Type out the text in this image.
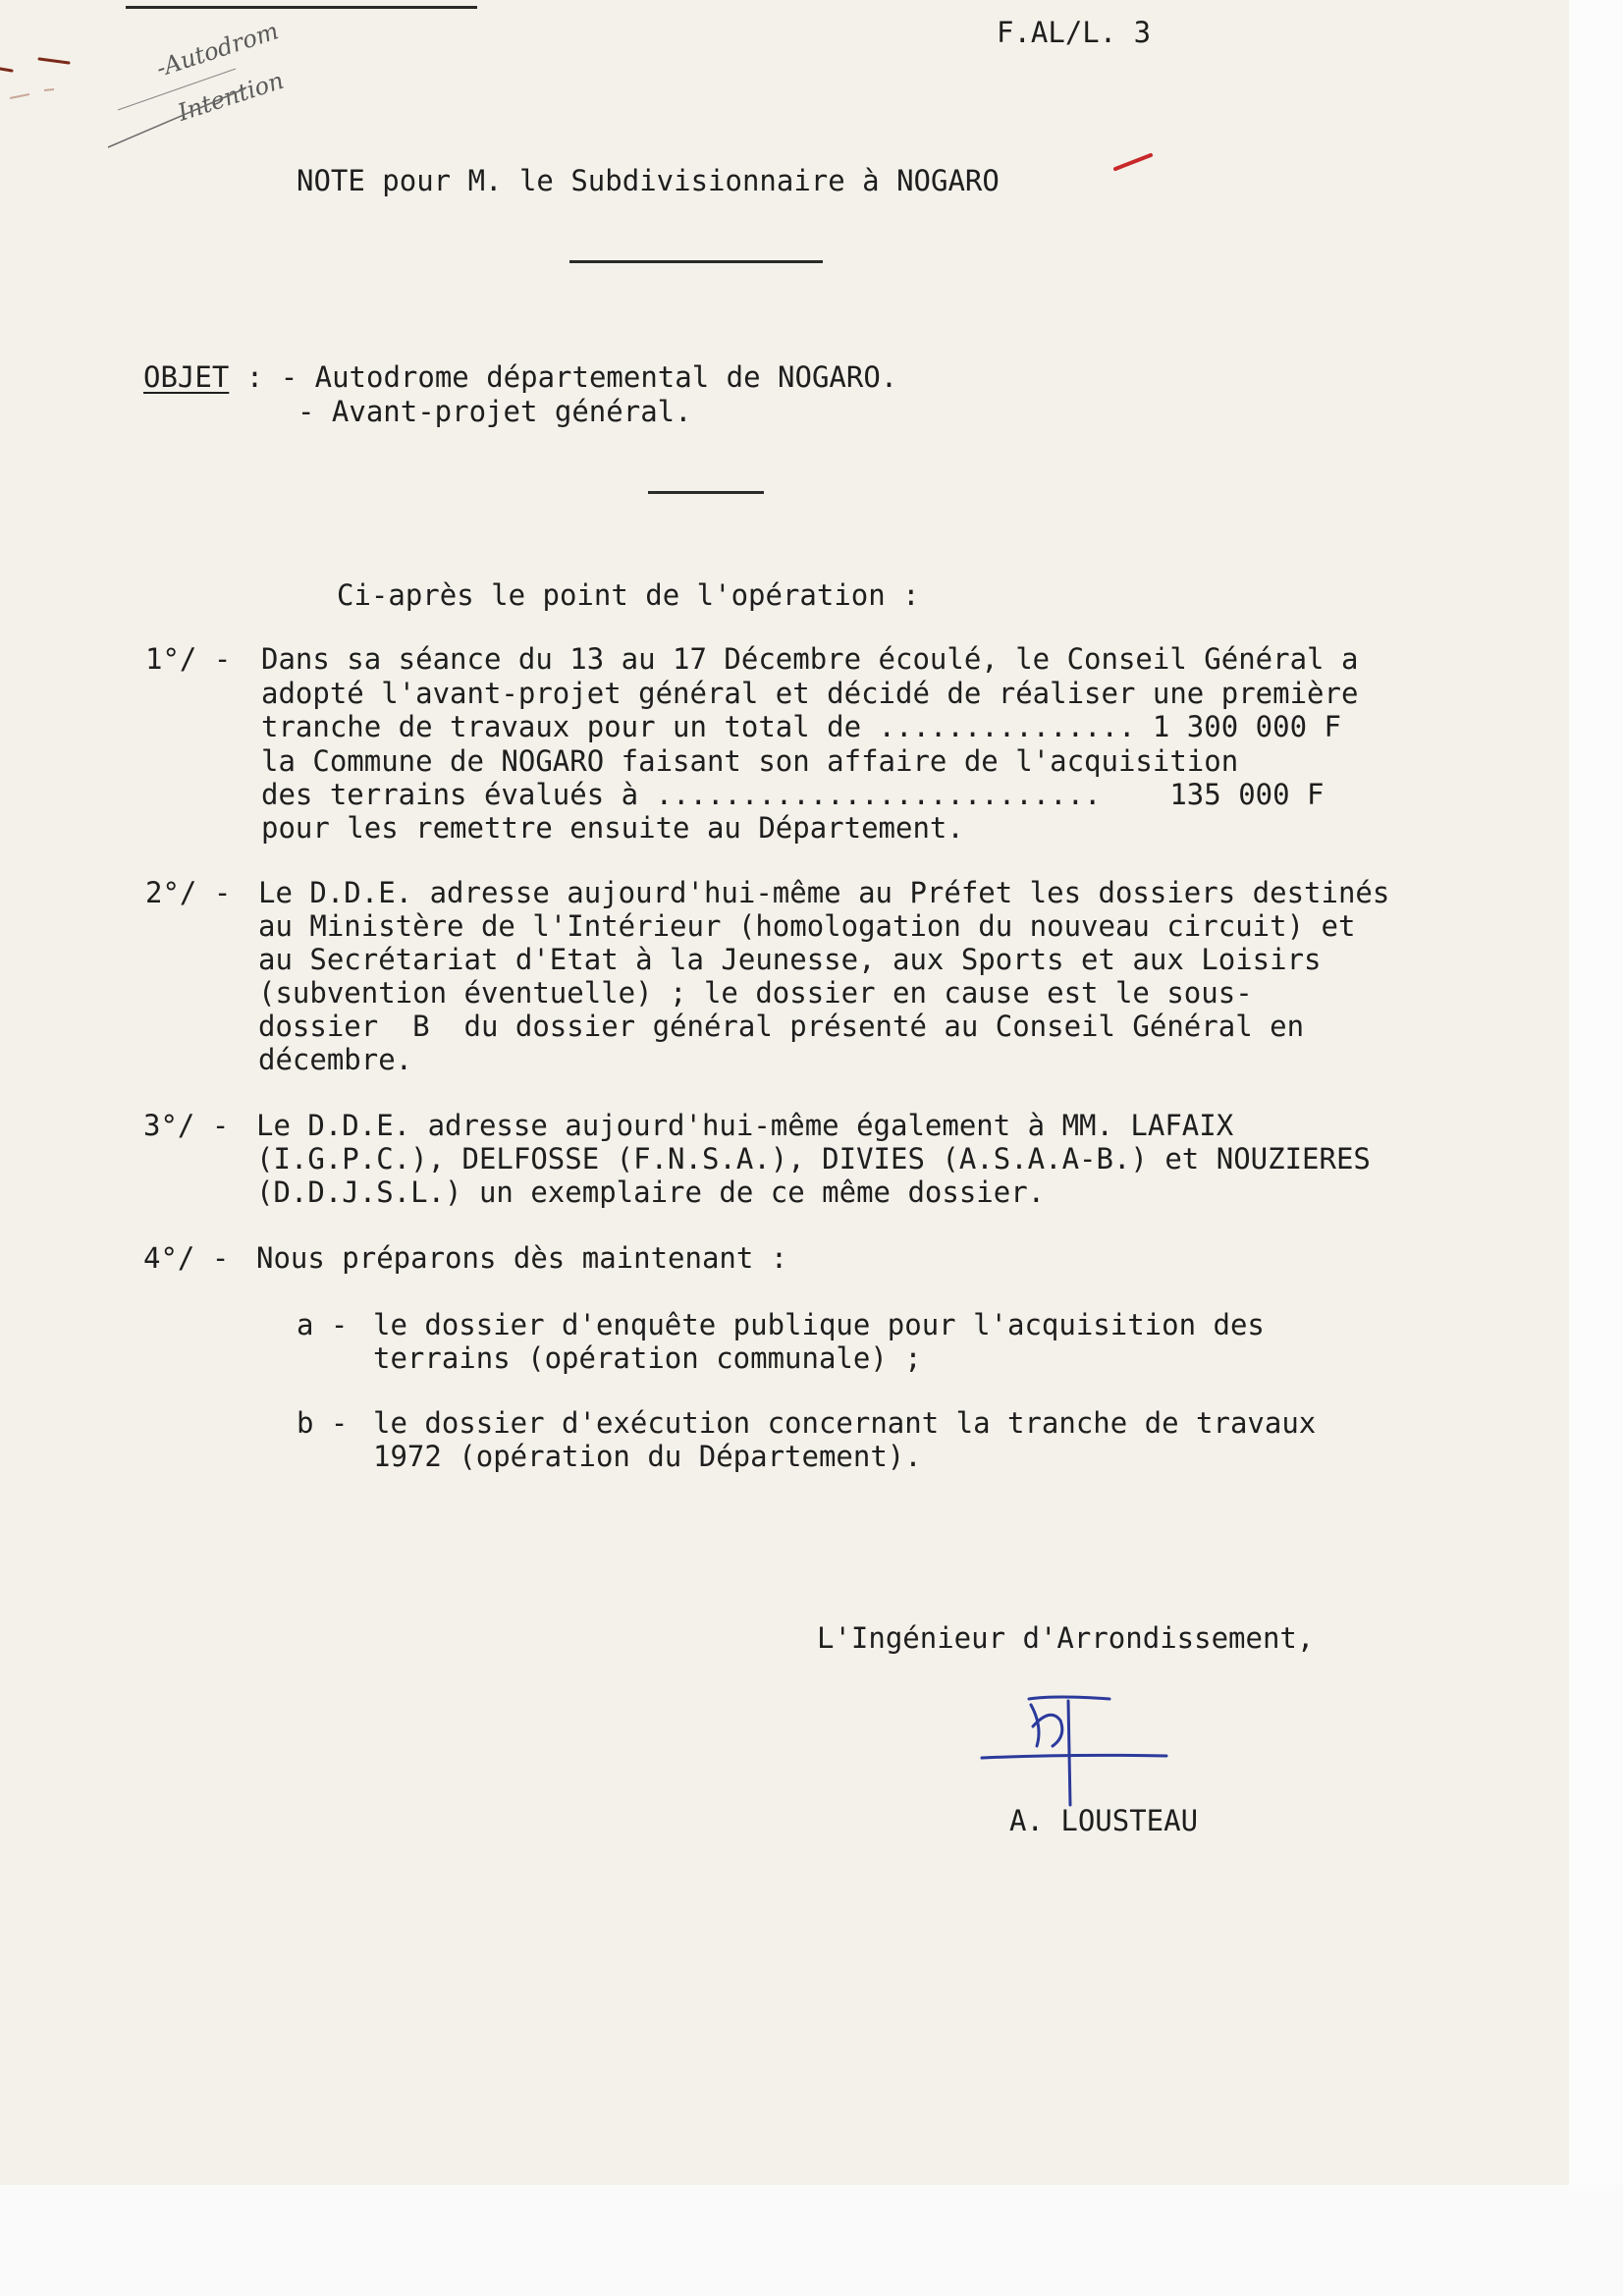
F.AL/L. 3

-Autodrom

Intention

NOTE pour M. le Subdivisionnaire à NOGARO
OBJET : - Autodrome départemental de NOGARO.
- Avant-projet général.
Ci-après le point de l'opération :
1°/ - Dans sa séance du 13 au 17 Décembre écoulé, le Conseil Général a
adopté l'avant-projet général et décidé de réaliser une première
tranche de travaux pour un total de ............... 1 300 000 F
la Commune de NOGARO faisant son affaire de l'acquisition
des terrains évalués à ..........................    135 000 F
pour les remettre ensuite au Département.
2°/ - Le D.D.E. adresse aujourd'hui-même au Préfet les dossiers destinés
au Ministère de l'Intérieur (homologation du nouveau circuit) et
au Secrétariat d'Etat à la Jeunesse, aux Sports et aux Loisirs
(subvention éventuelle) ; le dossier en cause est le sous-
dossier  B  du dossier général présenté au Conseil Général en
décembre.
3°/ - Le D.D.E. adresse aujourd'hui-même également à MM. LAFAIX
(I.G.P.C.), DELFOSSE (F.N.S.A.), DIVIES (A.S.A.A-B.) et NOUZIERES
(D.D.J.S.L.) un exemplaire de ce même dossier.
4°/ - Nous préparons dès maintenant :
a - le dossier d'enquête publique pour l'acquisition des
terrains (opération communale) ;
b - le dossier d'exécution concernant la tranche de travaux
1972 (opération du Département).
L'Ingénieur d'Arrondissement,
A. LOUSTEAU
